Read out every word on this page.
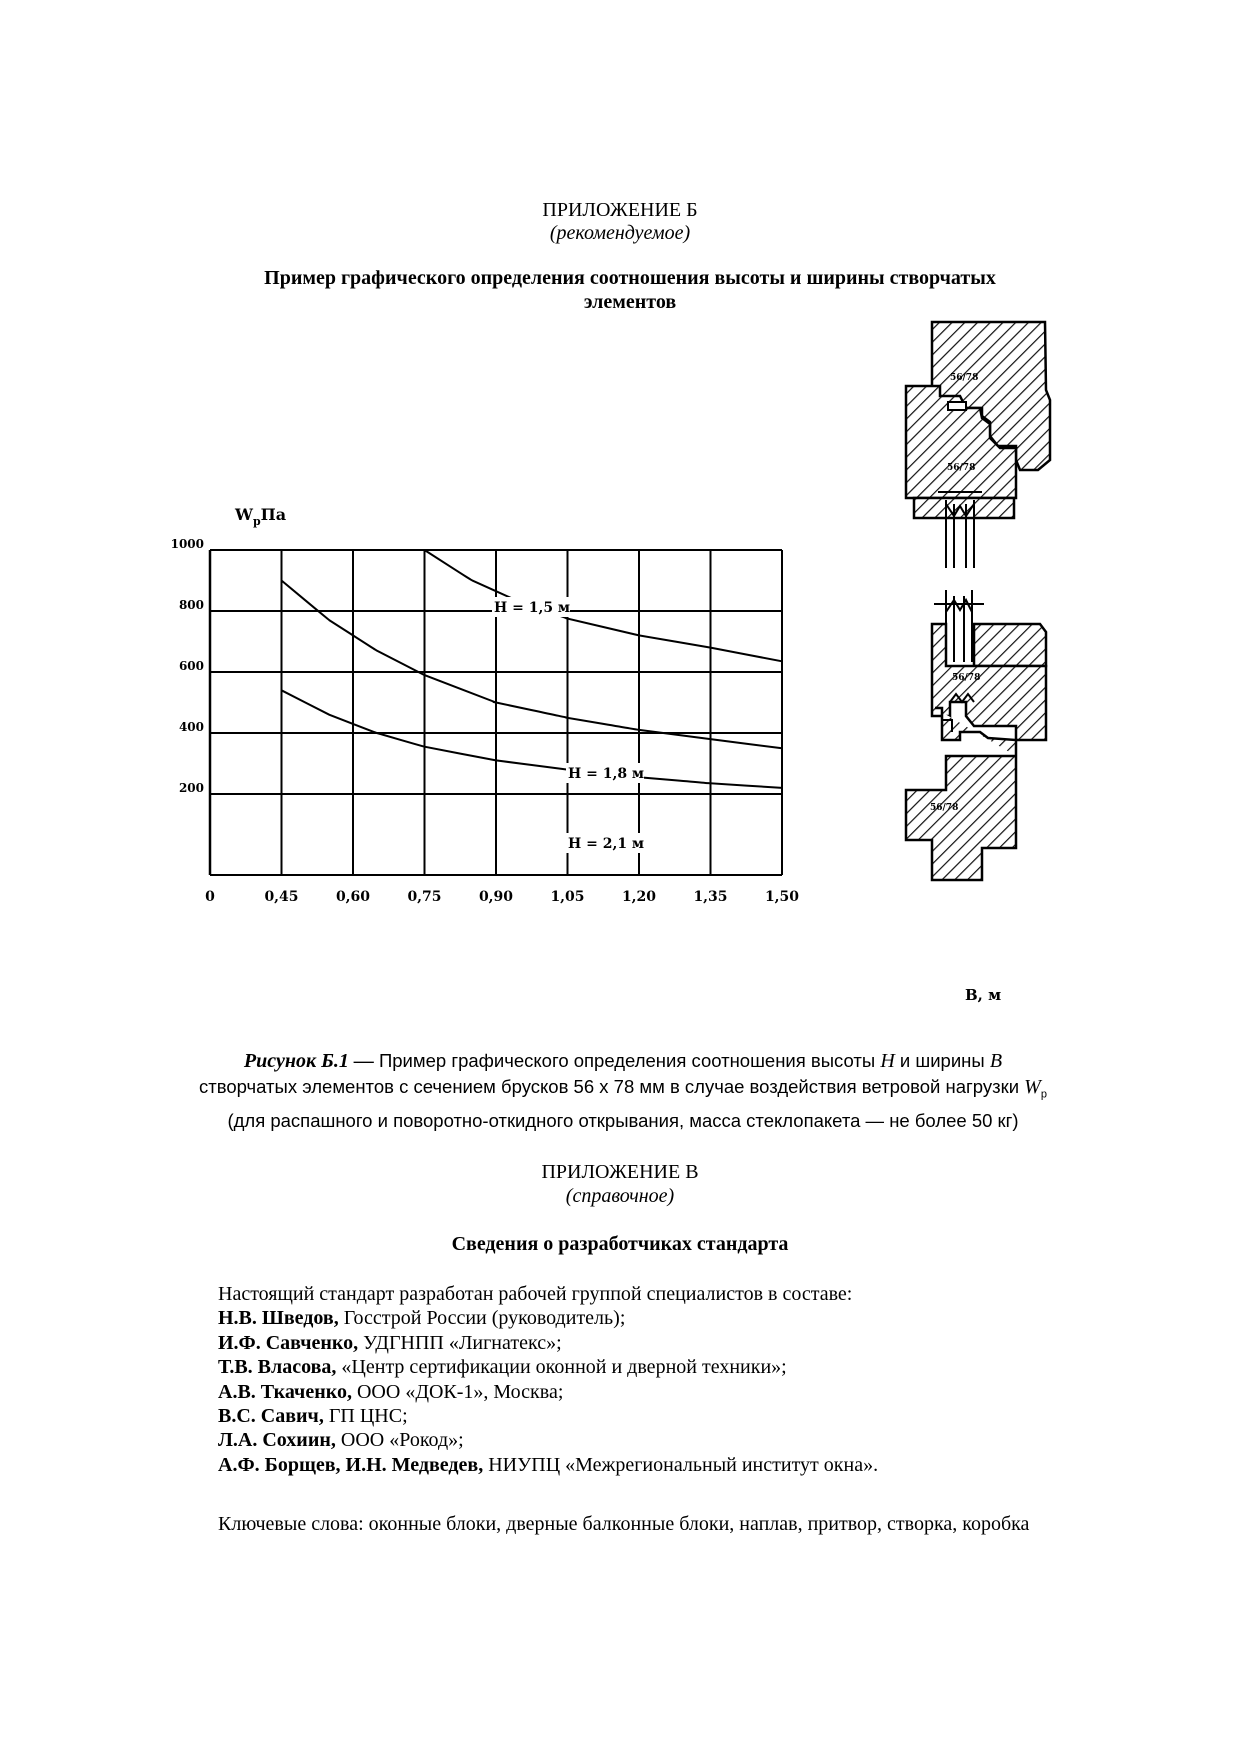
ПРИЛОЖЕНИЕ Б
(рекомендуемое)
Пример графического определения соотношения высоты и ширины створчатых элементов
1000
800
600
400
200
0	0,45	0,60	0,75	0,90	1,05	1,20	1,35	1,50
H = 1,5 м
H = 1,8 м
H = 2,1 м
$W_pПа$
B, м
56/78
56/78
56/78
56/78
Рисунок Б.1 — Пример графического определения соотношения высоты H и ширины B
створчатых элементов с сечением брусков 56 х 78 мм в случае воздействия ветровой нагрузки $W_p$
(для распашного и поворотно-откидного открывания, масса стеклопакета — не более 50 кг)
ПРИЛОЖЕНИЕ В
(справочное)
Сведения о разработчиках стандарта
Настоящий стандарт разработан рабочей группой специалистов в составе:
Н.В. Шведов, Госстрой России (руководитель);
И.Ф. Савченко, УДГНПП «Лигнатекс»;
Т.В. Власова, «Центр сертификации оконной и дверной техники»;
А.В. Ткаченко, ООО «ДОК-1», Москва;
В.С. Савич, ГП ЦНС;
Л.А. Сохиин, ООО «Рокод»;
А.Ф. Борщев, И.Н. Медведев, НИУПЦ «Межрегиональный институт окна».
Ключевые слова: оконные блоки, дверные балконные блоки, наплав, притвор, створка, коробка
